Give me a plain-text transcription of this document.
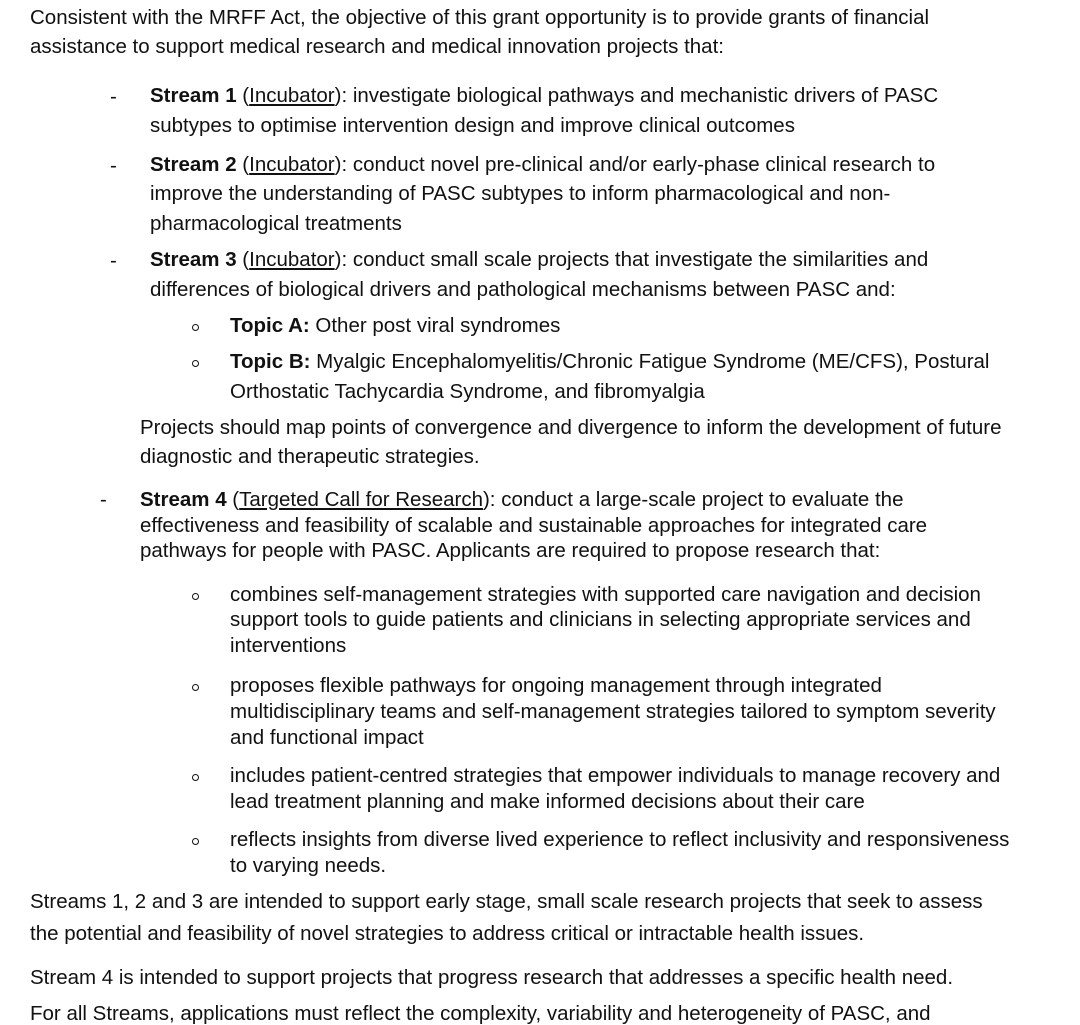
Consistent with the MRFF Act, the objective of this grant opportunity is to provide grants of financial
assistance to support medical research and medical innovation projects that:
- Stream 1 (Incubator): investigate biological pathways and mechanistic drivers of PASC
subtypes to optimise intervention design and improve clinical outcomes
- Stream 2 (Incubator): conduct novel pre-clinical and/or early-phase clinical research to
improve the understanding of PASC subtypes to inform pharmacological and non-
pharmacological treatments
- Stream 3 (Incubator): conduct small scale projects that investigate the similarities and
differences of biological drivers and pathological mechanisms between PASC and:
Topic A: Other post viral syndromes
Topic B: Myalgic Encephalomyelitis/Chronic Fatigue Syndrome (ME/CFS), Postural
Orthostatic Tachycardia Syndrome, and fibromyalgia
Projects should map points of convergence and divergence to inform the development of future
diagnostic and therapeutic strategies.
- Stream 4 (Targeted Call for Research): conduct a large-scale project to evaluate the
effectiveness and feasibility of scalable and sustainable approaches for integrated care
pathways for people with PASC. Applicants are required to propose research that:
combines self-management strategies with supported care navigation and decision
support tools to guide patients and clinicians in selecting appropriate services and
interventions
proposes flexible pathways for ongoing management through integrated
multidisciplinary teams and self-management strategies tailored to symptom severity
and functional impact
includes patient-centred strategies that empower individuals to manage recovery and
lead treatment planning and make informed decisions about their care
reflects insights from diverse lived experience to reflect inclusivity and responsiveness
to varying needs.
Streams 1, 2 and 3 are intended to support early stage, small scale research projects that seek to assess
the potential and feasibility of novel strategies to address critical or intractable health issues.
Stream 4 is intended to support projects that progress research that addresses a specific health need.
For all Streams, applications must reflect the complexity, variability and heterogeneity of PASC, and
